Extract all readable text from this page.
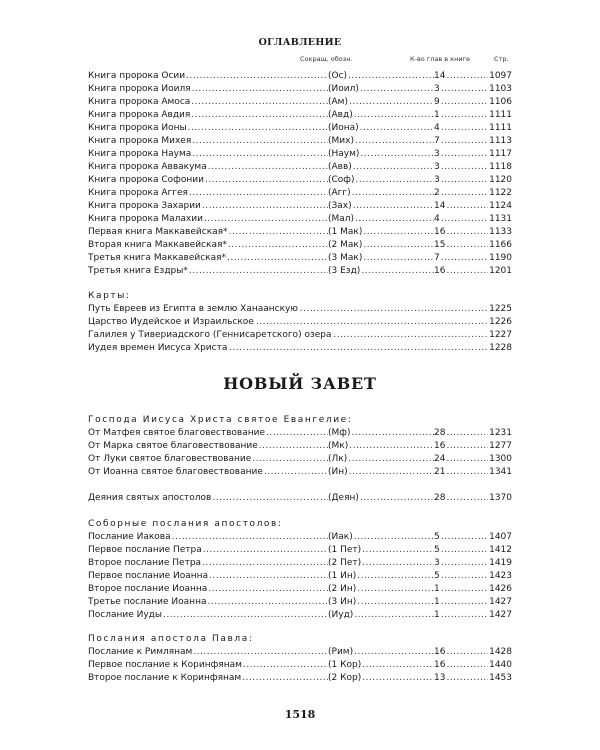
ОГЛАВЛЕНИЕ
Сокращ. обозн.	К-во глав в книге	Стр.
Книга пророка Осии .....	(Ос) .....	14 .....	1097
Книга пророка Иоиля .....	(Иоил) .....	3 .....	1103
Книга пророка Амоса .....	(Ам) .....	9 .....	1106
Книга пророка Авдия .....	(Авд) .....	1 .....	1111
Книга пророка Ионы .....	(Иона) .....	4 .....	1111
Книга пророка Михея .....	(Мих) .....	7 .....	1113
Книга пророка Наума .....	(Наум) .....	3 .....	1117
Книга пророка Аввакума .....	(Авв) .....	3 .....	1118
Книга пророка Софонии .....	(Соф) .....	3 .....	1120
Книга пророка Аггея .....	(Агг) .....	2 .....	1122
Книга пророка Захарии .....	(Зах) .....	14 .....	1124
Книга пророка Малахии .....	(Мал) .....	4 .....	1131
Первая книга Маккавейская* .....	(1 Мак) .....	16 .....	1133
Вторая книга Маккавейская* .....	(2 Мак) .....	15 .....	1166
Третья книга Маккавейская* .....	(3 Мак) .....	7 .....	1190
Третья книга Ездры* .....	(3 Езд) .....	16 .....	1201
Карты:
Путь Евреев из Египта в землю Ханаанскую	1225
.....
Царство Иудейское и Израильское	1226
.....
Галилея у Тивериадского (Геннисаретского) озера	1227
.....
Иудея времен Иисуса Христа	1228
.....
НОВЫЙ ЗАВЕТ
Господа Иисуса Христа святое Евангелие:
От Матфея святое благовествование .....	(Мф) .....	28 .....	1231
От Марка святое благовествование .....	(Мк) .....	16 .....	1277
От Луки святое благовествование .....	(Лк) .....	24 .....	1300
От Иоанна святое благовествование .....	(Ин) .....	21 .....	1341
Деяния святых апостолов .....	(Деян) .....	28 .....	1370
Соборные послания апостолов:
Послание Иакова .....	(Иак) .....	5 .....	1407
Первое послание Петра .....	(1 Пет) .....	5 .....	1412
Второе послание Петра .....	(2 Пет) .....	3 .....	1419
Первое послание Иоанна .....	(1 Ин) .....	5 .....	1423
Второе послание Иоанна .....	(2 Ин) .....	1 .....	1426
Третье послание Иоанна .....	(3 Ин) .....	1 .....	1427
Послание Иуды .....	(Иуд) .....	1 .....	1427
Послания апостола Павла:
Послание к Римлянам .....	(Рим) .....	16 .....	1428
Первое послание к Коринфянам .....	(1 Кор) .....	16 .....	1440
Второе послание к Коринфянам .....	(2 Кор) .....	13 .....	1453
1518
